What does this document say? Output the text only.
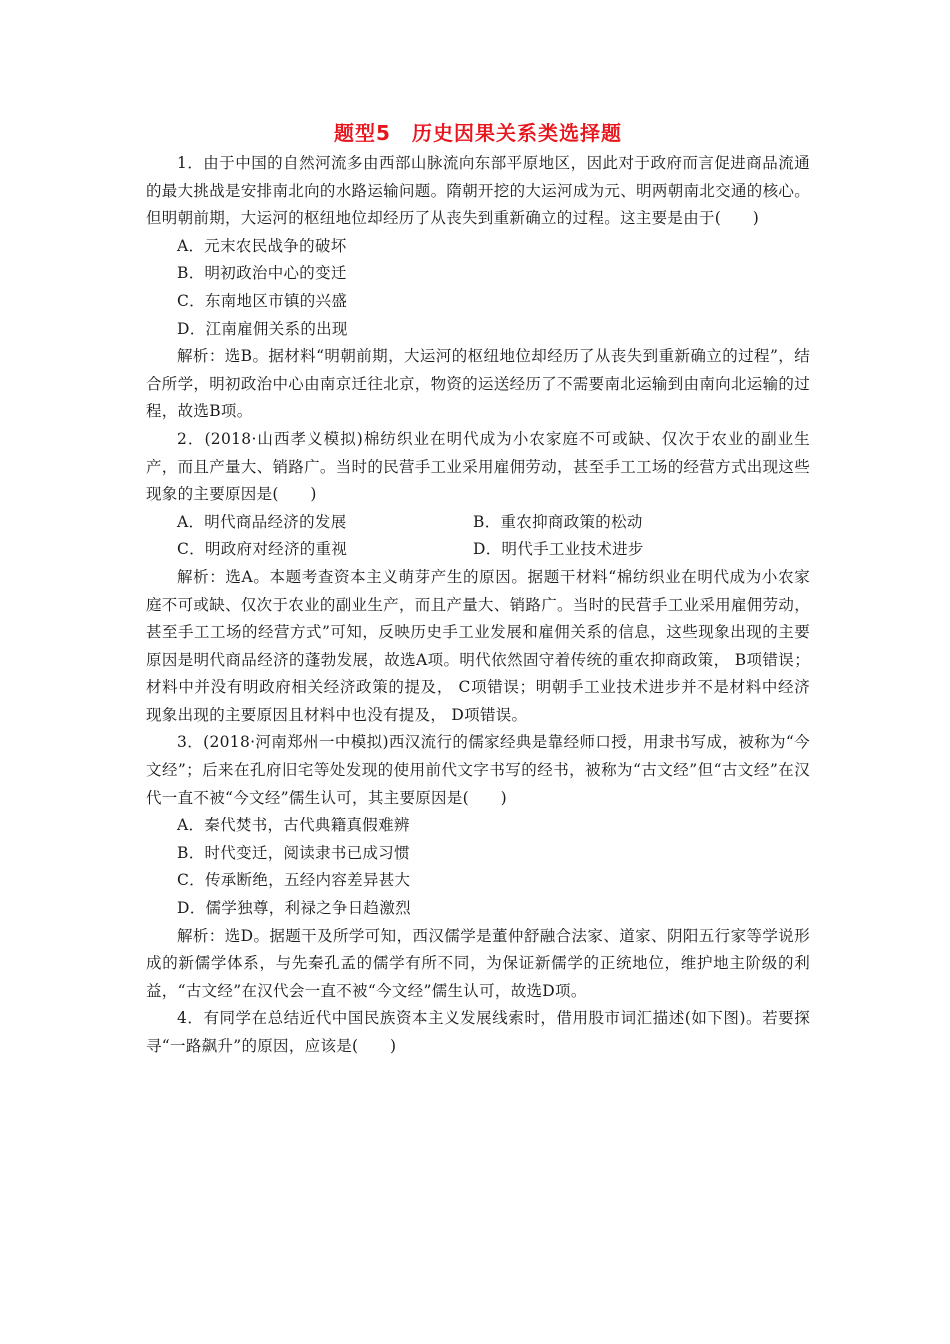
题型5　历史因果关系类选择题

1．由于中国的自然河流多由西部山脉流向东部平原地区，因此对于政府而言促进商品流通的最大挑战是安排南北向的水路运输问题。隋朝开挖的大运河成为元、明两朝南北交通的核心。但明朝前期，大运河的枢纽地位却经历了从丧失到重新确立的过程。这主要是由于(　　)

A．元末农民战争的破坏

B．明初政治中心的变迁

C．东南地区市镇的兴盛

D．江南雇佣关系的出现

解析：选B。据材料“明朝前期，大运河的枢纽地位却经历了从丧失到重新确立的过程”，结合所学，明初政治中心由南京迁往北京，物资的运送经历了不需要南北运输到由南向北运输的过程，故选B项。

2．(2018·山西孝义模拟)棉纺织业在明代成为小农家庭不可或缺、仅次于农业的副业生产，而且产量大、销路广。当时的民营手工业采用雇佣劳动，甚至手工工场的经营方式出现这些现象的主要原因是(　　)

A．明代商品经济的发展	B．重农抑商政策的松动
C．明政府对经济的重视	D．明代手工业技术进步

解析：选A。本题考查资本主义萌芽产生的原因。据题干材料“棉纺织业在明代成为小农家庭不可或缺、仅次于农业的副业生产，而且产量大、销路广。当时的民营手工业采用雇佣劳动，甚至手工工场的经营方式”可知，反映历史手工业发展和雇佣关系的信息，这些现象出现的主要原因是明代商品经济的蓬勃发展，故选A项。明代依然固守着传统的重农抑商政策， B项错误；材料中并没有明政府相关经济政策的提及， C项错误；明朝手工业技术进步并不是材料中经济现象出现的主要原因且材料中也没有提及， D项错误。

3．(2018·河南郑州一中模拟)西汉流行的儒家经典是靠经师口授，用隶书写成，被称为“今文经”；后来在孔府旧宅等处发现的使用前代文字书写的经书，被称为“古文经”但“古文经”在汉代一直不被“今文经”儒生认可，其主要原因是(　　)

A．秦代焚书，古代典籍真假难辨

B．时代变迁，阅读隶书已成习惯

C．传承断绝，五经内容差异甚大

D．儒学独尊，利禄之争日趋激烈

解析：选D。据题干及所学可知，西汉儒学是董仲舒融合法家、道家、阴阳五行家等学说形成的新儒学体系，与先秦孔孟的儒学有所不同，为保证新儒学的正统地位，维护地主阶级的利益，“古文经”在汉代会一直不被“今文经”儒生认可，故选D项。

4．有同学在总结近代中国民族资本主义发展线索时，借用股市词汇描述(如下图)。若要探寻“一路飙升”的原因，应该是(　　)
